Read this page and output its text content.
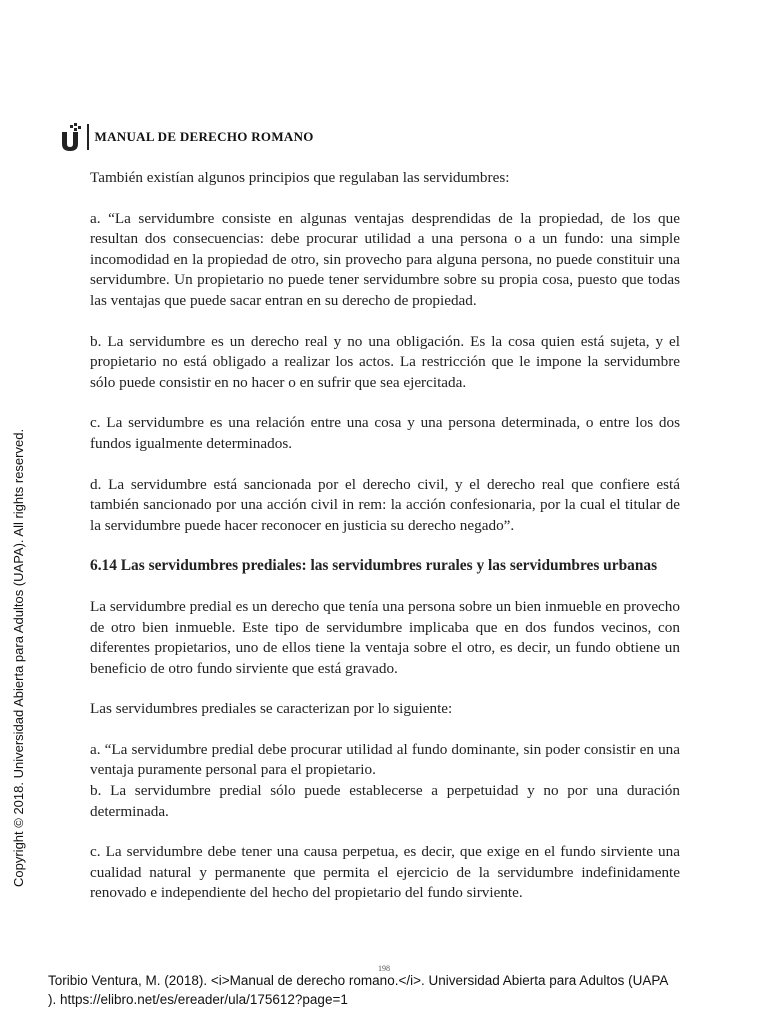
MANUAL DE DERECHO ROMANO

También existían algunos principios que regulaban las servidumbres:

a. “La servidumbre consiste en algunas ventajas desprendidas de la propiedad, de los que resultan dos consecuencias: debe procurar utilidad a una persona o a un fundo: una simple incomodidad en la propiedad de otro, sin provecho para alguna persona, no puede constituir una servidumbre. Un propietario no puede tener servidumbre sobre su propia cosa, puesto que todas las ventajas que puede sacar entran en su derecho de propiedad.

b. La servidumbre es un derecho real y no una obligación. Es la cosa quien está sujeta, y el propietario no está obligado a realizar los actos. La restricción que le impone la servidumbre sólo puede consistir en no hacer o en sufrir que sea ejercitada.

c. La servidumbre es una relación entre una cosa y una persona determinada, o entre los dos fundos igualmente determinados.

d. La servidumbre está sancionada por el derecho civil, y el derecho real que confiere está también sancionado por una acción civil in rem: la acción confesionaria, por la cual el titular de la servidumbre puede hacer reconocer en justicia su derecho negado”.

6.14 Las servidumbres prediales: las servidumbres rurales y las servidumbres urbanas

La servidumbre predial es un derecho que tenía una persona sobre un bien inmueble en provecho de otro bien inmueble. Este tipo de servidumbre implicaba que en dos fundos vecinos, con diferentes propietarios, uno de ellos tiene la ventaja sobre el otro, es decir, un fundo obtiene un beneficio de otro fundo sirviente que está gravado.

Las servidumbres prediales se caracterizan por lo siguiente:

a. “La servidumbre predial debe procurar utilidad al fundo dominante, sin poder consistir en una ventaja puramente personal para el propietario.

b. La servidumbre predial sólo puede establecerse a perpetuidad y no por una duración determinada.

c. La servidumbre debe tener una causa perpetua, es decir, que exige en el fundo sirviente una cualidad natural y permanente que permita el ejercicio de la servidumbre indefinidamente renovado e independiente del hecho del propietario del fundo sirviente.

198
Copyright © 2018. Universidad Abierta para Adultos (UAPA). All rights reserved.
Toribio Ventura, M. (2018). <i>Manual de derecho romano.</i>. Universidad Abierta para Adultos (UAPA
). https://elibro.net/es/ereader/ula/175612?page=1
